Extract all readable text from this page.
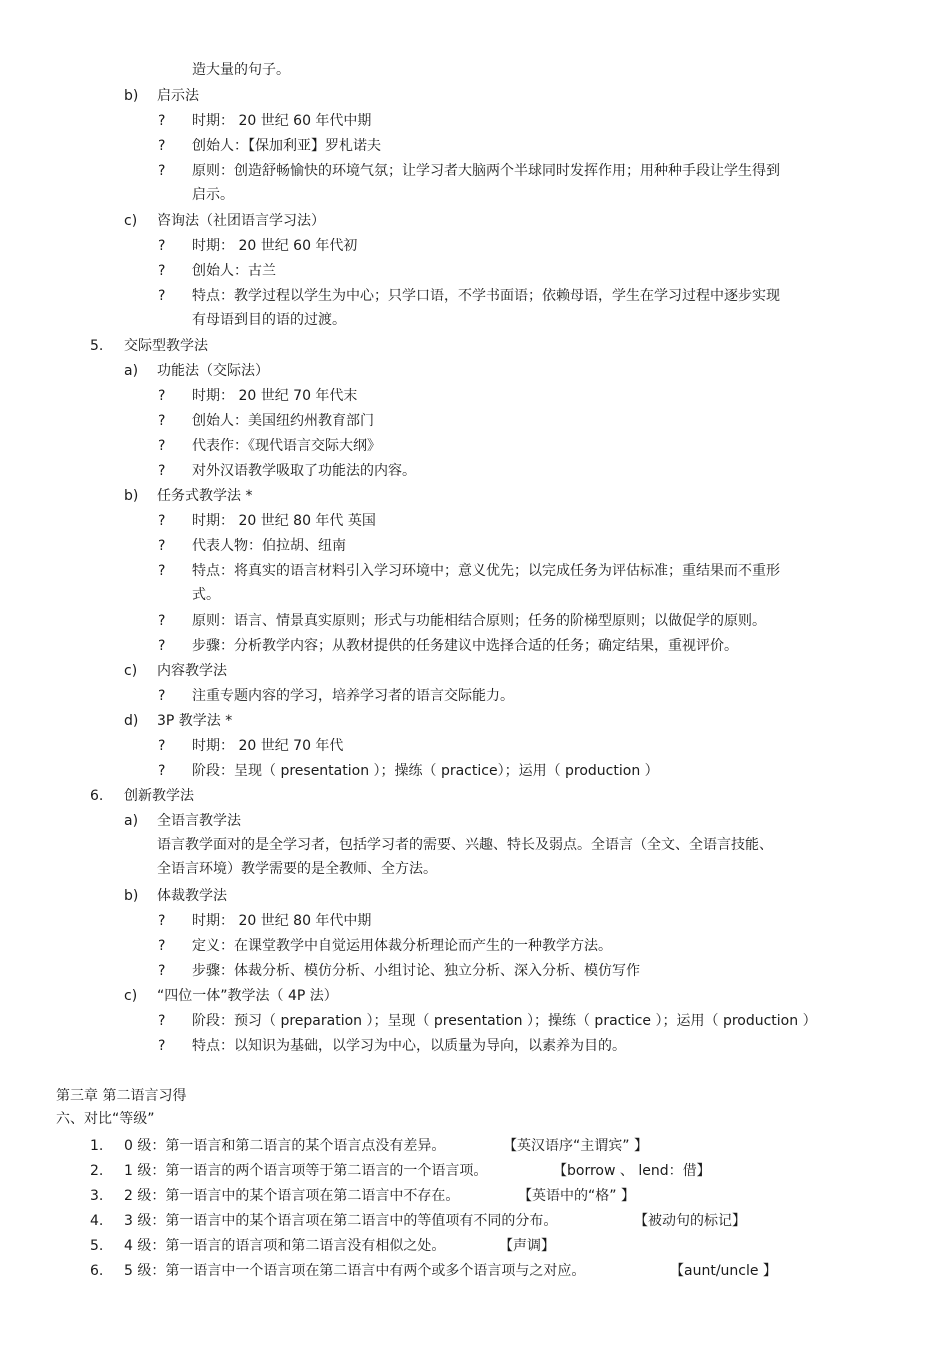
造大量的句子。
b) 启示法
? 时期： 20 世纪 60 年代中期
? 创始人：【保加利亚】罗札诺夫
? 原则：创造舒畅愉快的环境气氛；让学习者大脑两个半球同时发挥作用；用种种手段让学生得到
启示。
c) 咨询法（社团语言学习法）
? 时期： 20 世纪 60 年代初
? 创始人：古兰
? 特点：教学过程以学生为中心；只学口语，不学书面语；依赖母语，学生在学习过程中逐步实现
有母语到目的语的过渡。
5. 交际型教学法
a) 功能法（交际法）
? 时期： 20 世纪 70 年代末
? 创始人：美国纽约州教育部门
? 代表作：《现代语言交际大纲》
? 对外汉语教学吸取了功能法的内容。
b) 任务式教学法 *
? 时期： 20 世纪 80 年代 英国
? 代表人物：伯拉胡、纽南
? 特点：将真实的语言材料引入学习环境中；意义优先；以完成任务为评估标准；重结果而不重形
式。
? 原则：语言、情景真实原则；形式与功能相结合原则；任务的阶梯型原则；以做促学的原则。
? 步骤：分析教学内容；从教材提供的任务建议中选择合适的任务；确定结果，重视评价。
c) 内容教学法
? 注重专题内容的学习，培养学习者的语言交际能力。
d) 3P 教学法 *
? 时期： 20 世纪 70 年代
? 阶段：呈现（ presentation ）；操练（ practice）；运用（ production ）
6. 创新教学法
a) 全语言教学法
语言教学面对的是全学习者，包括学习者的需要、兴趣、特长及弱点。全语言（全文、全语言技能、
全语言环境）教学需要的是全教师、全方法。
b) 体裁教学法
? 时期： 20 世纪 80 年代中期
? 定义：在课堂教学中自觉运用体裁分析理论而产生的一种教学方法。
? 步骤：体裁分析、模仿分析、小组讨论、独立分析、深入分析、模仿写作
c) “四位一体”教学法（ 4P 法）
? 阶段：预习（ preparation ）；呈现（ presentation ）；操练（ practice ）；运用（ production ）
? 特点：以知识为基础，以学习为中心，以质量为导向，以素养为目的。
第三章 第二语言习得
六、对比“等级”
1. 0 级：第一语言和第二语言的某个语言点没有差异。	【英汉语序“主谓宾” 】
2. 1 级：第一语言的两个语言项等于第二语言的一个语言项。	【borrow 、 lend：借】
3. 2 级：第一语言中的某个语言项在第二语言中不存在。	【英语中的“格” 】
4. 3 级：第一语言中的某个语言项在第二语言中的等值项有不同的分布。	【被动句的标记】
5. 4 级：第一语言的语言项和第二语言没有相似之处。	【声调】
6. 5 级：第一语言中一个语言项在第二语言中有两个或多个语言项与之对应。	【aunt/uncle 】
